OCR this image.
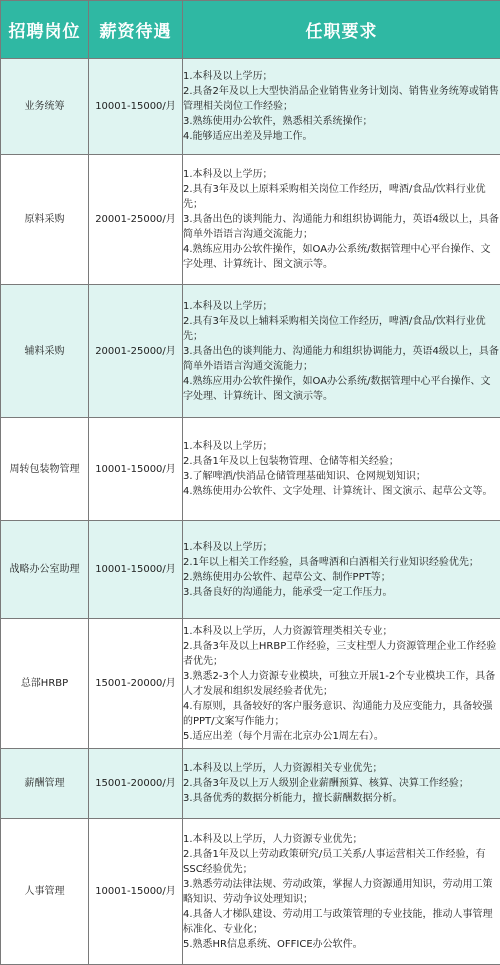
招聘岗位	薪资待遇	任职要求
业务统筹	10001-15000/月	1.本科及以上学历；
2.具备2年及以上大型快消品企业销售业务计划岗、销售业务统筹或销售管理相关岗位工作经验；
3.熟练使用办公软件，熟悉相关系统操作；
4.能够适应出差及异地工作。

原料采购	20001-25000/月	1.本科及以上学历；
2.具有3年及以上原料采购相关岗位工作经历，啤酒/食品/饮料行业优先；
3.具备出色的谈判能力、沟通能力和组织协调能力，英语4级以上，具备简单外语语言沟通交流能力；
4.熟练应用办公软件操作，如OA办公系统/数据管理中心平台操作、文字处理、计算统计、图文演示等。

辅料采购	20001-25000/月	1.本科及以上学历；
2.具有3年及以上辅料采购相关岗位工作经历，啤酒/食品/饮料行业优先；
3.具备出色的谈判能力、沟通能力和组织协调能力，英语4级以上，具备简单外语语言沟通交流能力；
4.熟练应用办公软件操作，如OA办公系统/数据管理中心平台操作、文字处理、计算统计、图文演示等。

周转包装物管理	10001-15000/月	1.本科及以上学历；
2.具备1年及以上包装物管理、仓储等相关经验；
3.了解啤酒/快消品仓储管理基础知识、仓网规划知识；
4.熟练使用办公软件、文字处理、计算统计、图文演示、起草公文等。

战略办公室助理	10001-15000/月	1.本科及以上学历；
2.1年以上相关工作经验，具备啤酒和白酒相关行业知识经验优先；
2.熟练使用办公软件、起草公文、制作PPT等；
3.具备良好的沟通能力，能承受一定工作压力。

总部HRBP	15001-20000/月	1.本科及以上学历，人力资源管理类相关专业；
2.具备3年及以上HRBP工作经验，三支柱型人力资源管理企业工作经验者优先；
3.熟悉2-3个人力资源专业模块，可独立开展1-2个专业模块工作，具备人才发展和组织发展经验者优先；
4.有原则，具备较好的客户服务意识、沟通能力及应变能力，具备较强的PPT/文案写作能力；
5.适应出差（每个月需在北京办公1周左右）。

薪酬管理	15001-20000/月	1.本科及以上学历，人力资源相关专业优先；
2.具备3年及以上万人级别企业薪酬预算、核算、决算工作经验；
3.具备优秀的数据分析能力，擅长薪酬数据分析。

人事管理	10001-15000/月	1.本科及以上学历，人力资源专业优先；
2.具备1年及以上劳动政策研究/员工关系/人事运营相关工作经验，有SSC经验优先；
3.熟悉劳动法律法规、劳动政策，掌握人力资源通用知识，劳动用工策略知识、劳动争议处理知识；
4.具备人才梯队建设、劳动用工与政策管理的专业技能，推动人事管理标准化、专业化；
5.熟悉HR信息系统、OFFICE办公软件。
